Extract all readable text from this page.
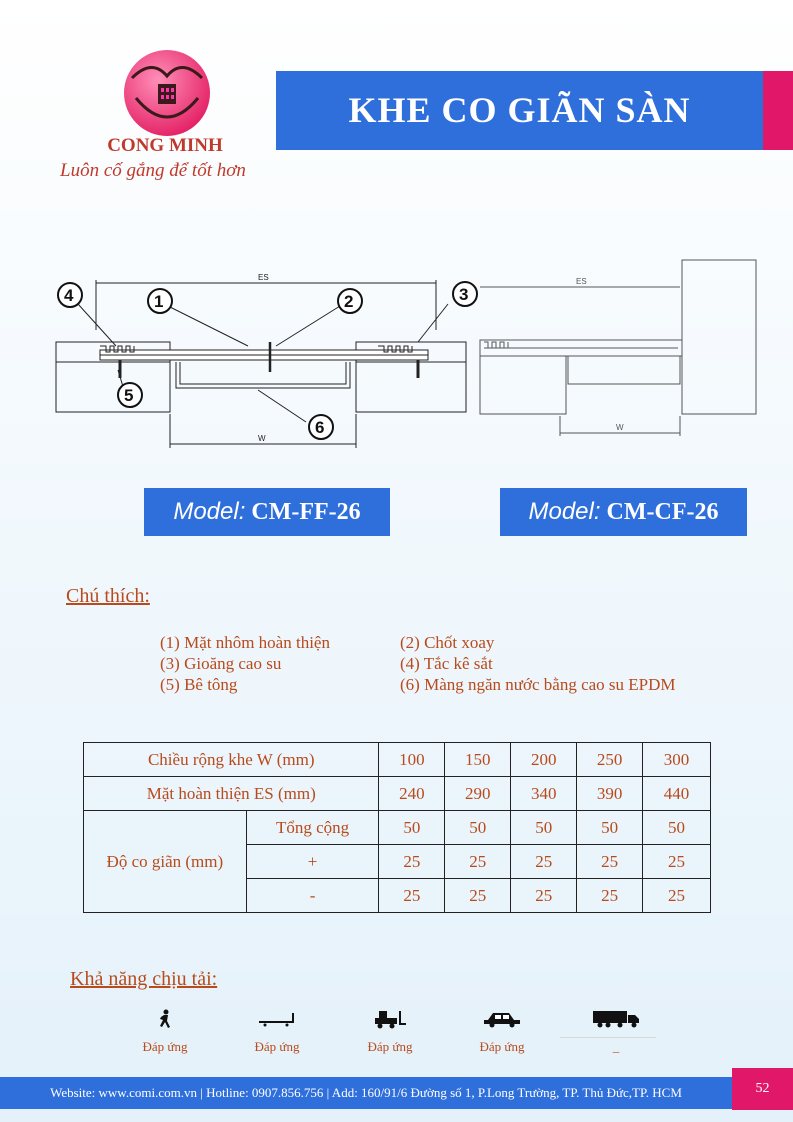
CONG MINH
Luôn cố gắng để tốt hơn
KHE CO GIÃN SÀN
ES
W
4	1	2	3
5
6
ES
W
Model: CM-FF-26	Model: CM-CF-26
Chú thích:
(1) Mặt nhôm hoàn thiện	(2) Chốt xoay
(3) Gioăng cao su	(4) Tắc kê sắt
(5) Bê tông	(6) Màng ngăn nước bằng cao su EPDM
Chiều rộng khe W (mm)		100	150	200	250	300
Mặt hoàn thiện ES (mm)		240	290	340	390	440
Độ co giãn (mm)	Tổng cộng	50	50	50	50	50
	+	25	25	25	25	25
	-	25	25	25	25	25
Khả năng chịu tải:
Đáp ứng	Đáp ứng	Đáp ứng	Đáp ứng	_
Website: www.comi.com.vn | Hotline: 0907.856.756 | Add: 160/91/6 Đường số 1, P.Long Trường, TP. Thủ Đức,TP. HCM	52
